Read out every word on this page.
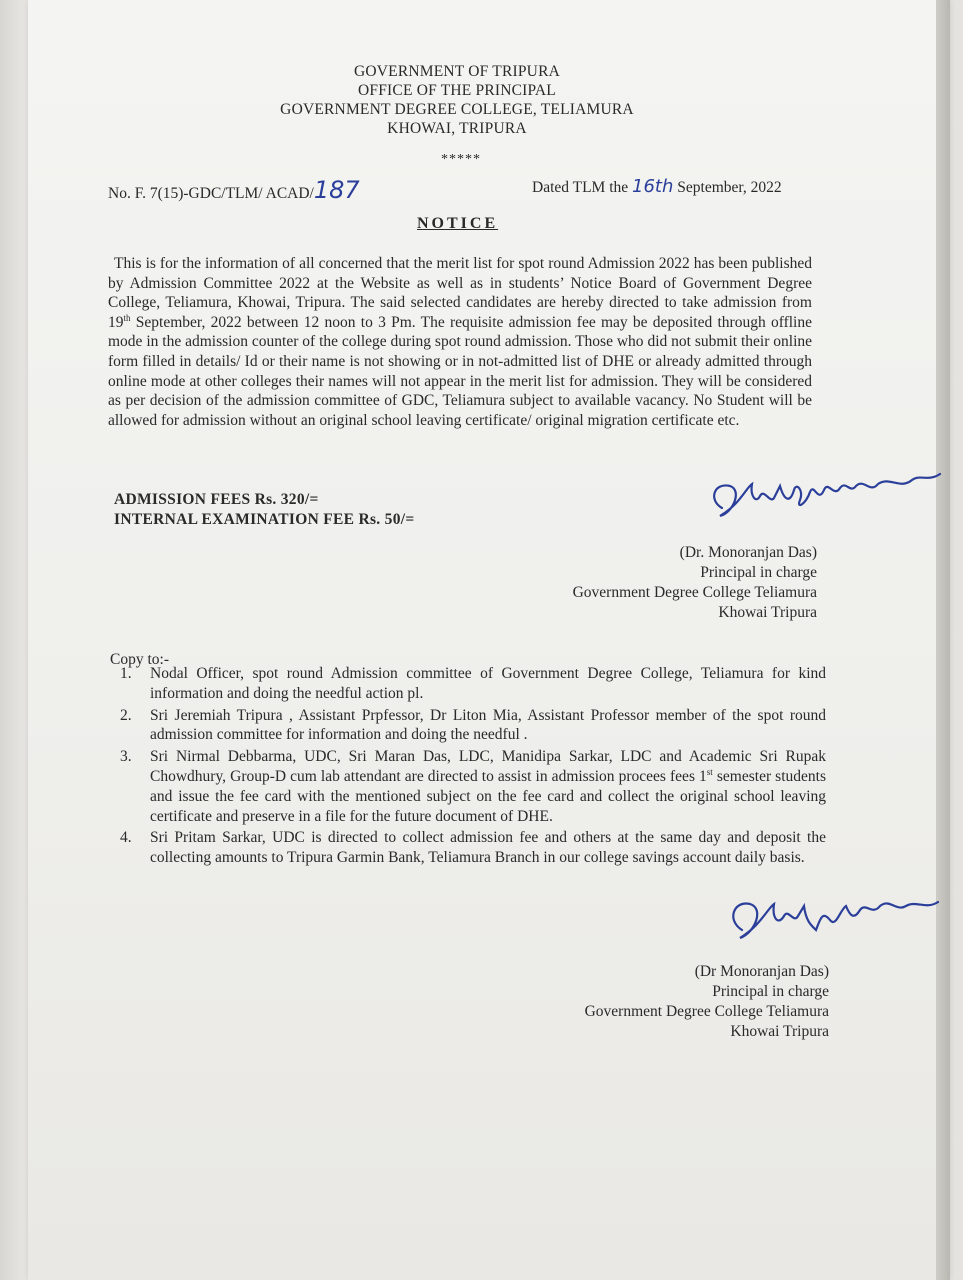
GOVERNMENT OF TRIPURA
OFFICE OF THE PRINCIPAL
GOVERNMENT DEGREE COLLEGE, TELIAMURA
KHOWAI, TRIPURA
*****
No. F. 7(15)-GDC/TLM/ ACAD/187	Dated TLM the 16th September, 2022
NOTICE

This is for the information of all concerned that the merit list for spot round Admission 2022 has been published by Admission Committee 2022 at the Website as well as in students’ Notice Board of Government Degree College, Teliamura, Khowai, Tripura. The said selected candidates are hereby directed to take admission from 19th September, 2022 between 12 noon to 3 Pm. The requisite admission fee may be deposited through offline mode in the admission counter of the college during spot round admission. Those who did not submit their online form filled in details/ Id or their name is not showing or in not-admitted list of DHE or already admitted through online mode at other colleges their names will not appear in the merit list for admission. They will be considered as per decision of the admission committee of GDC, Teliamura subject to available vacancy. No Student will be allowed for admission without an original school leaving certificate/ original migration certificate etc.

ADMISSION FEES Rs. 320/=
INTERNAL EXAMINATION FEE Rs. 50/=
(Dr. Monoranjan Das)
Principal in charge
Government Degree College Teliamura
Khowai Tripura
Copy to:-
1. Nodal Officer, spot round Admission committee of Government Degree College, Teliamura for kind information and doing the needful action pl.
2. Sri Jeremiah Tripura , Assistant Prpfessor, Dr Liton Mia, Assistant Professor member of the spot round admission committee for information and doing the needful .
3. Sri Nirmal Debbarma, UDC, Sri Maran Das, LDC, Manidipa Sarkar, LDC and Academic Sri Rupak Chowdhury, Group-D cum lab attendant are directed to assist in admission procees fees 1st semester students and issue the fee card with the mentioned subject on the fee card and collect the original school leaving certificate and preserve in a file for the future document of DHE.
4. Sri Pritam Sarkar, UDC is directed to collect admission fee and others at the same day and deposit the collecting amounts to Tripura Garmin Bank, Teliamura Branch in our college savings account daily basis.
(Dr Monoranjan Das)
Principal in charge
Government Degree College Teliamura
Khowai Tripura
